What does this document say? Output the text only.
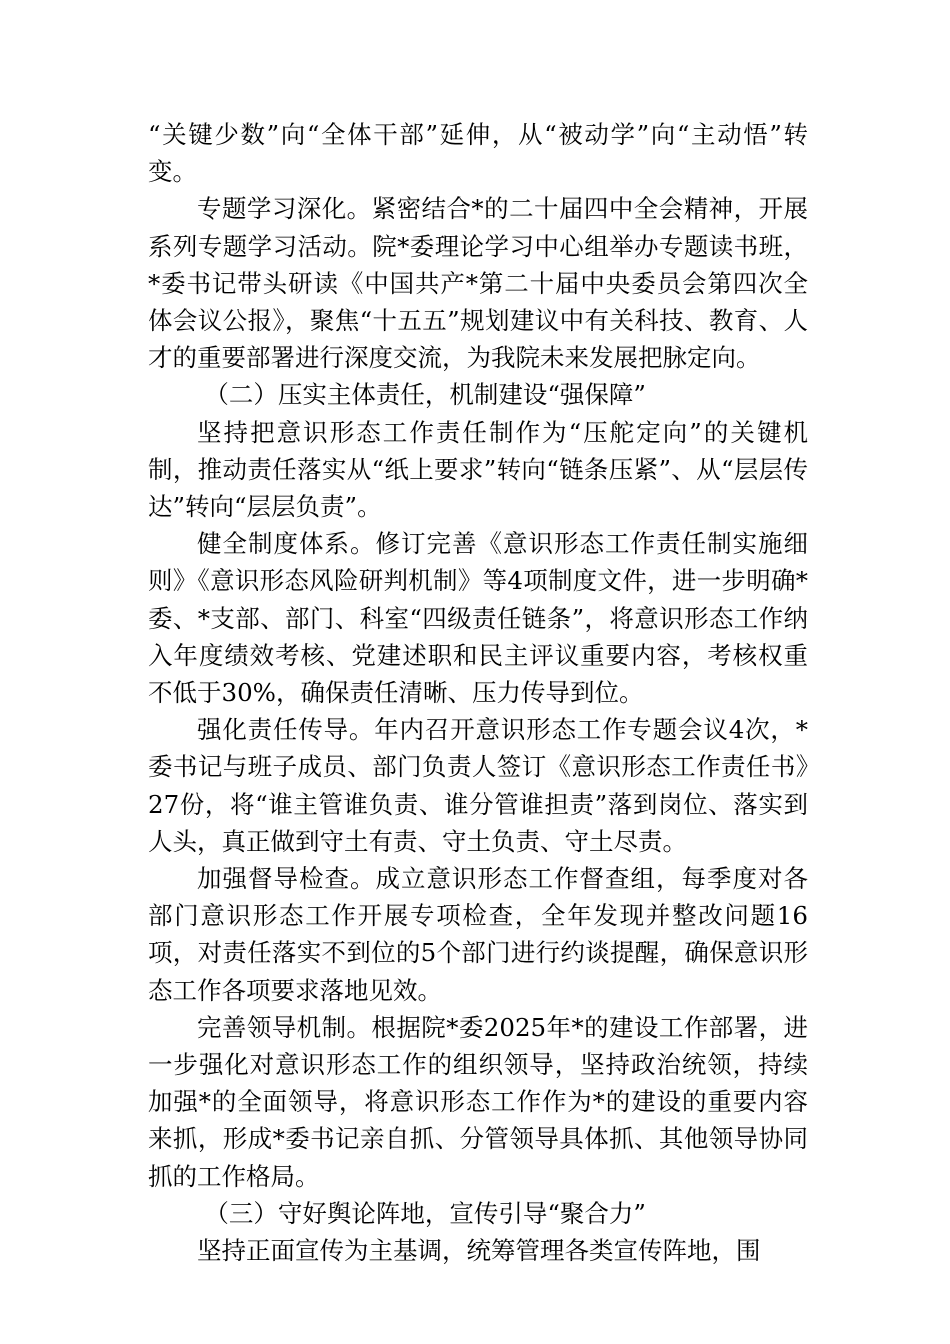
“关键少数”向“全体干部”延伸，从“被动学”向“主动悟”转变。

专题学习深化。紧密结合*的二十届四中全会精神，开展系列专题学习活动。院*委理论学习中心组举办专题读书班，*委书记带头研读《中国共产*第二十届中央委员会第四次全体会议公报》，聚焦“十五五”规划建议中有关科技、教育、人才的重要部署进行深度交流，为我院未来发展把脉定向。

（二）压实主体责任，机制建设“强保障”

坚持把意识形态工作责任制作为“压舵定向”的关键机制，推动责任落实从“纸上要求”转向“链条压紧”、从“层层传达”转向“层层负责”。

健全制度体系。修订完善《意识形态工作责任制实施细则》《意识形态风险研判机制》等4项制度文件，进一步明确*委、*支部、部门、科室“四级责任链条”，将意识形态工作纳入年度绩效考核、党建述职和民主评议重要内容，考核权重不低于30%，确保责任清晰、压力传导到位。

强化责任传导。年内召开意识形态工作专题会议4次，*委书记与班子成员、部门负责人签订《意识形态工作责任书》27份，将“谁主管谁负责、谁分管谁担责”落到岗位、落实到人头，真正做到守土有责、守土负责、守土尽责。

加强督导检查。成立意识形态工作督查组，每季度对各部门意识形态工作开展专项检查，全年发现并整改问题16项，对责任落实不到位的5个部门进行约谈提醒，确保意识形态工作各项要求落地见效。

完善领导机制。根据院*委2025年*的建设工作部署，进一步强化对意识形态工作的组织领导，坚持政治统领，持续加强*的全面领导，将意识形态工作作为*的建设的重要内容来抓，形成*委书记亲自抓、分管领导具体抓、其他领导协同抓的工作格局。

（三）守好舆论阵地，宣传引导“聚合力”

坚持正面宣传为主基调，统筹管理各类宣传阵地，围
